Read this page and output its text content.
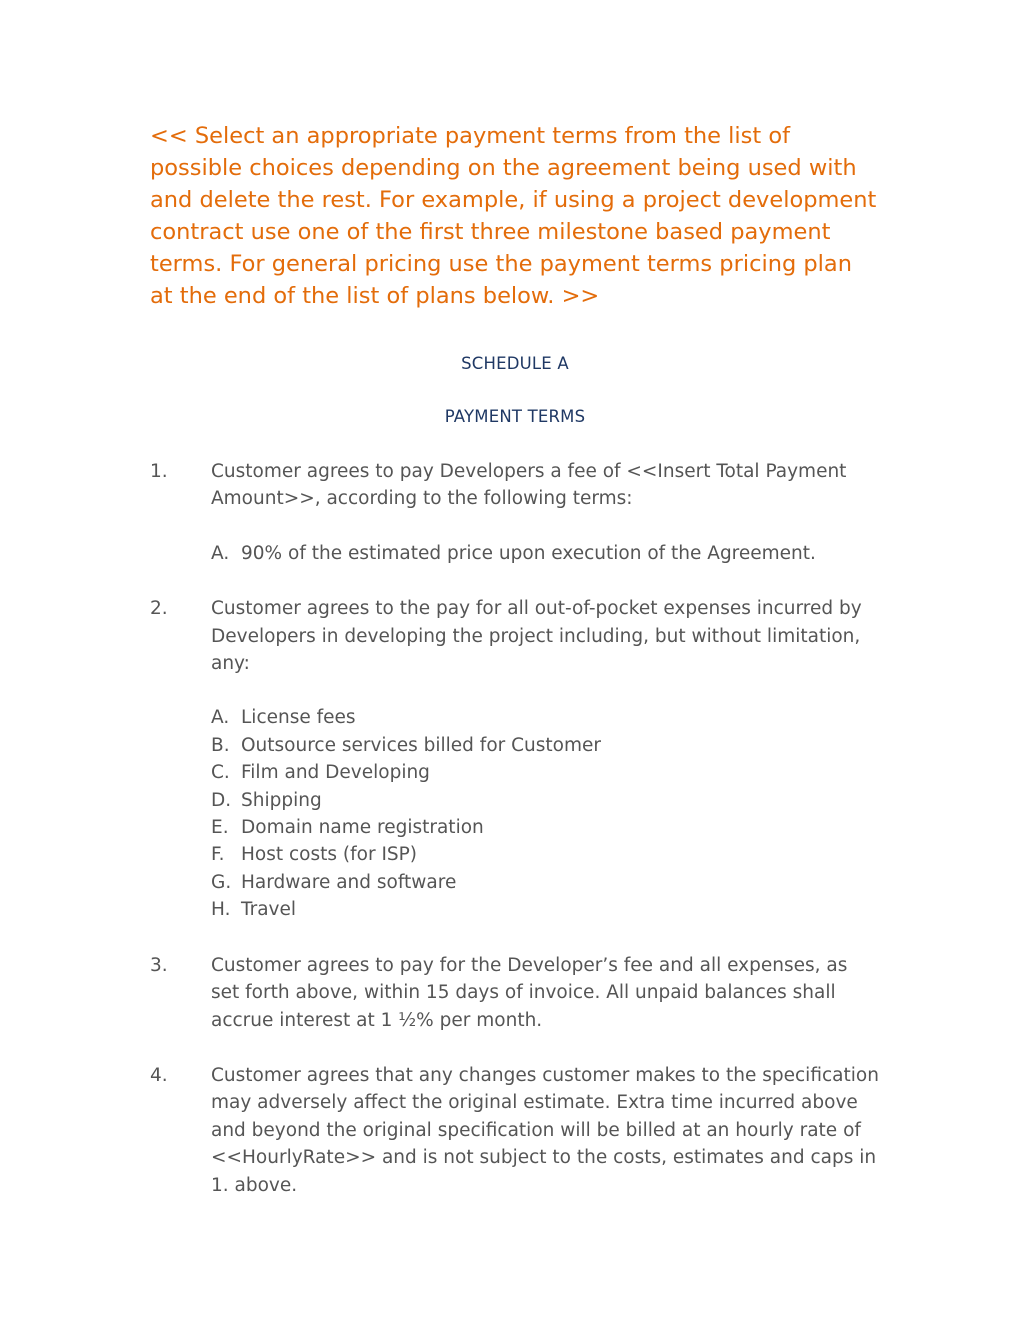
<< Select an appropriate payment terms from the list of possible choices depending on the agreement being used with and delete the rest. For example, if using a project development contract use one of the first three milestone based payment terms. For general pricing use the payment terms pricing plan at the end of the list of plans below. >>

SCHEDULE A

PAYMENT TERMS

1.	Customer agrees to pay Developers a fee of <<Insert Total Payment Amount>>, according to the following terms:
A. 90% of the estimated price upon execution of the Agreement.
2.	Customer agrees to the pay for all out-of-pocket expenses incurred by Developers in developing the project including, but without limitation, any:
A. License fees
B. Outsource services billed for Customer
C. Film and Developing
D. Shipping
E. Domain name registration
F. Host costs (for ISP)
G. Hardware and software
H. Travel
3.	Customer agrees to pay for the Developer’s fee and all expenses, as set forth above, within 15 days of invoice. All unpaid balances shall accrue interest at 1 ½% per month.
4.	Customer agrees that any changes customer makes to the specification may adversely affect the original estimate. Extra time incurred above and beyond the original specification will be billed at an hourly rate of <<HourlyRate>> and is not subject to the costs, estimates and caps in 1. above.
